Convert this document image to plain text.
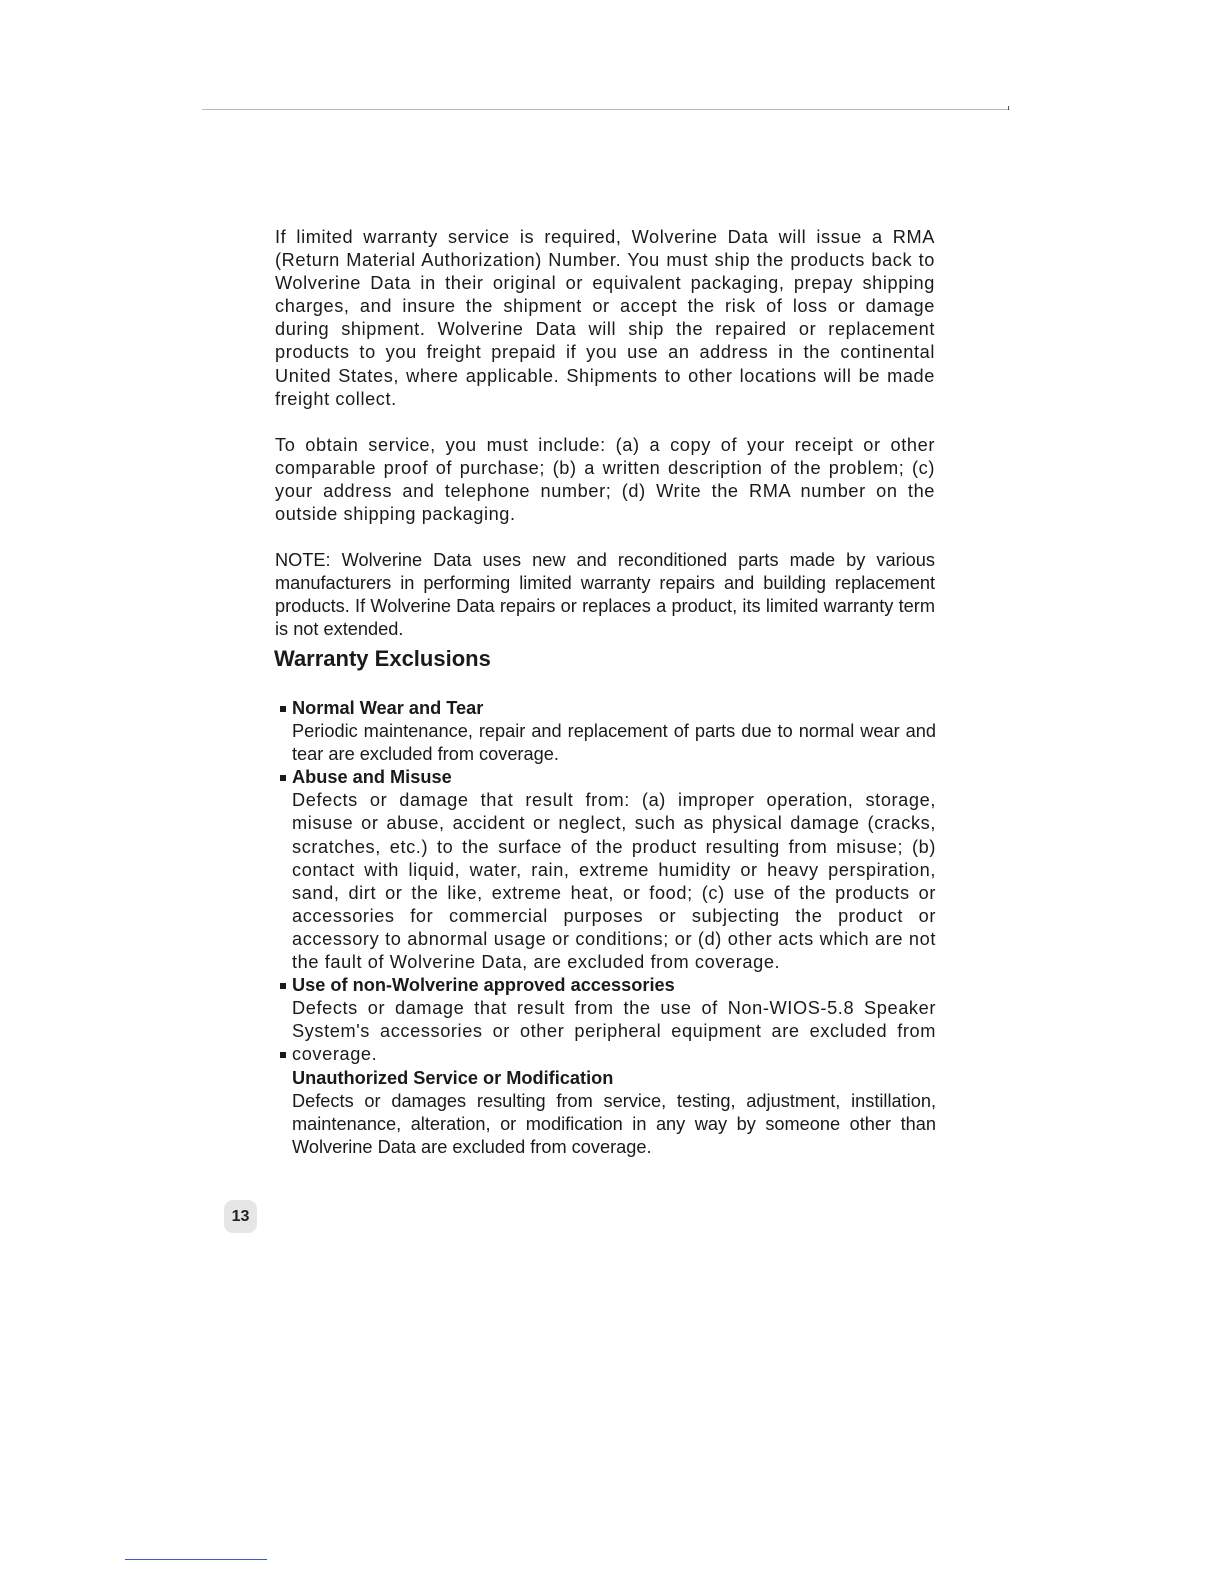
If limited warranty service is required, Wolverine Data will issue a RMA (Return Material Authorization) Number. You must ship the products back to Wolverine Data in their original or equivalent packaging, prepay shipping charges, and insure the shipment or accept the risk of loss or damage during shipment. Wolverine Data will ship the repaired or replacement products to you freight prepaid if you use an address in the continental United States, where applicable. Shipments to other locations will be made freight collect.

To obtain service, you must include: (a) a copy of your receipt or other comparable proof of purchase; (b) a written description of the problem; (c) your address and telephone number; (d) Write the RMA number on the outside shipping packaging.

NOTE: Wolverine Data uses new and reconditioned parts made by various manufacturers in performing limited warranty repairs and building replacement products. If Wolverine Data repairs or replaces a product, its limited warranty term is not extended.

Warranty Exclusions
Normal Wear and Tear
Periodic maintenance, repair and replacement of parts due to normal wear and tear are excluded from coverage.
Abuse and Misuse
Defects or damage that result from: (a) improper operation, storage, misuse or abuse, accident or neglect, such as physical damage (cracks, scratches, etc.) to the surface of the product resulting from misuse; (b) contact with liquid, water, rain, extreme humidity or heavy perspiration, sand, dirt or the like, extreme heat, or food; (c) use of the products or accessories for commercial purposes or subjecting the product or accessory to abnormal usage or conditions; or (d) other acts which are not the fault of Wolverine Data, are excluded from coverage.
Use of non-Wolverine approved accessories
Defects or damage that result from the use of Non-WIOS-5.8 Speaker System's accessories or other peripheral equipment are excluded from coverage.
Unauthorized Service or Modification
Defects or damages resulting from service, testing, adjustment, instillation, maintenance, alteration, or modification in any way by someone other than Wolverine Data are excluded from coverage.
13
